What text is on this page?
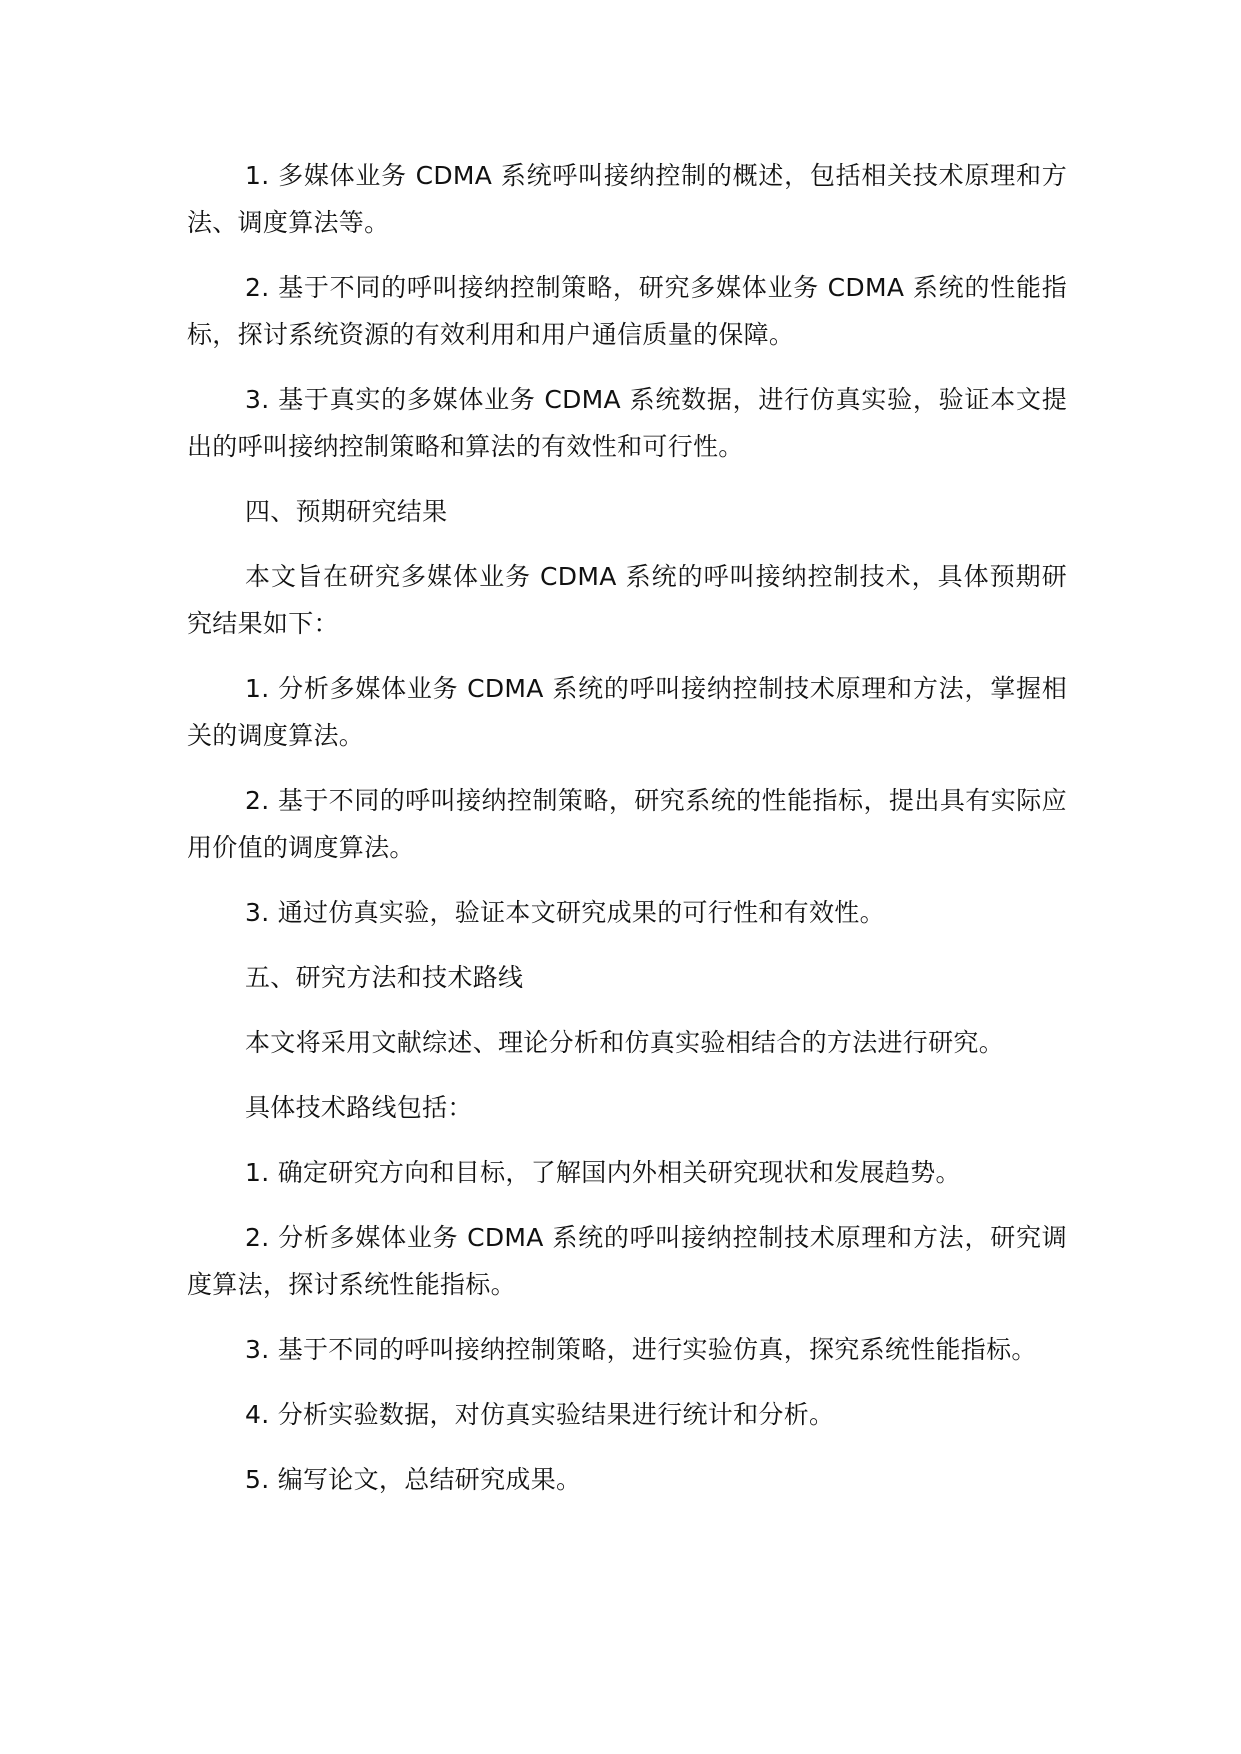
1. 多媒体业务 CDMA 系统呼叫接纳控制的概述，包括相关技术原理和方法、调度算法等。

2. 基于不同的呼叫接纳控制策略，研究多媒体业务 CDMA 系统的性能指标，探讨系统资源的有效利用和用户通信质量的保障。

3. 基于真实的多媒体业务 CDMA 系统数据，进行仿真实验，验证本文提出的呼叫接纳控制策略和算法的有效性和可行性。

四、预期研究结果

本文旨在研究多媒体业务 CDMA 系统的呼叫接纳控制技术，具体预期研究结果如下：

1. 分析多媒体业务 CDMA 系统的呼叫接纳控制技术原理和方法，掌握相关的调度算法。

2. 基于不同的呼叫接纳控制策略，研究系统的性能指标，提出具有实际应用价值的调度算法。

3. 通过仿真实验，验证本文研究成果的可行性和有效性。

五、研究方法和技术路线

本文将采用文献综述、理论分析和仿真实验相结合的方法进行研究。

具体技术路线包括：

1. 确定研究方向和目标，了解国内外相关研究现状和发展趋势。

2. 分析多媒体业务 CDMA 系统的呼叫接纳控制技术原理和方法，研究调度算法，探讨系统性能指标。

3. 基于不同的呼叫接纳控制策略，进行实验仿真，探究系统性能指标。

4. 分析实验数据，对仿真实验结果进行统计和分析。

5. 编写论文，总结研究成果。
